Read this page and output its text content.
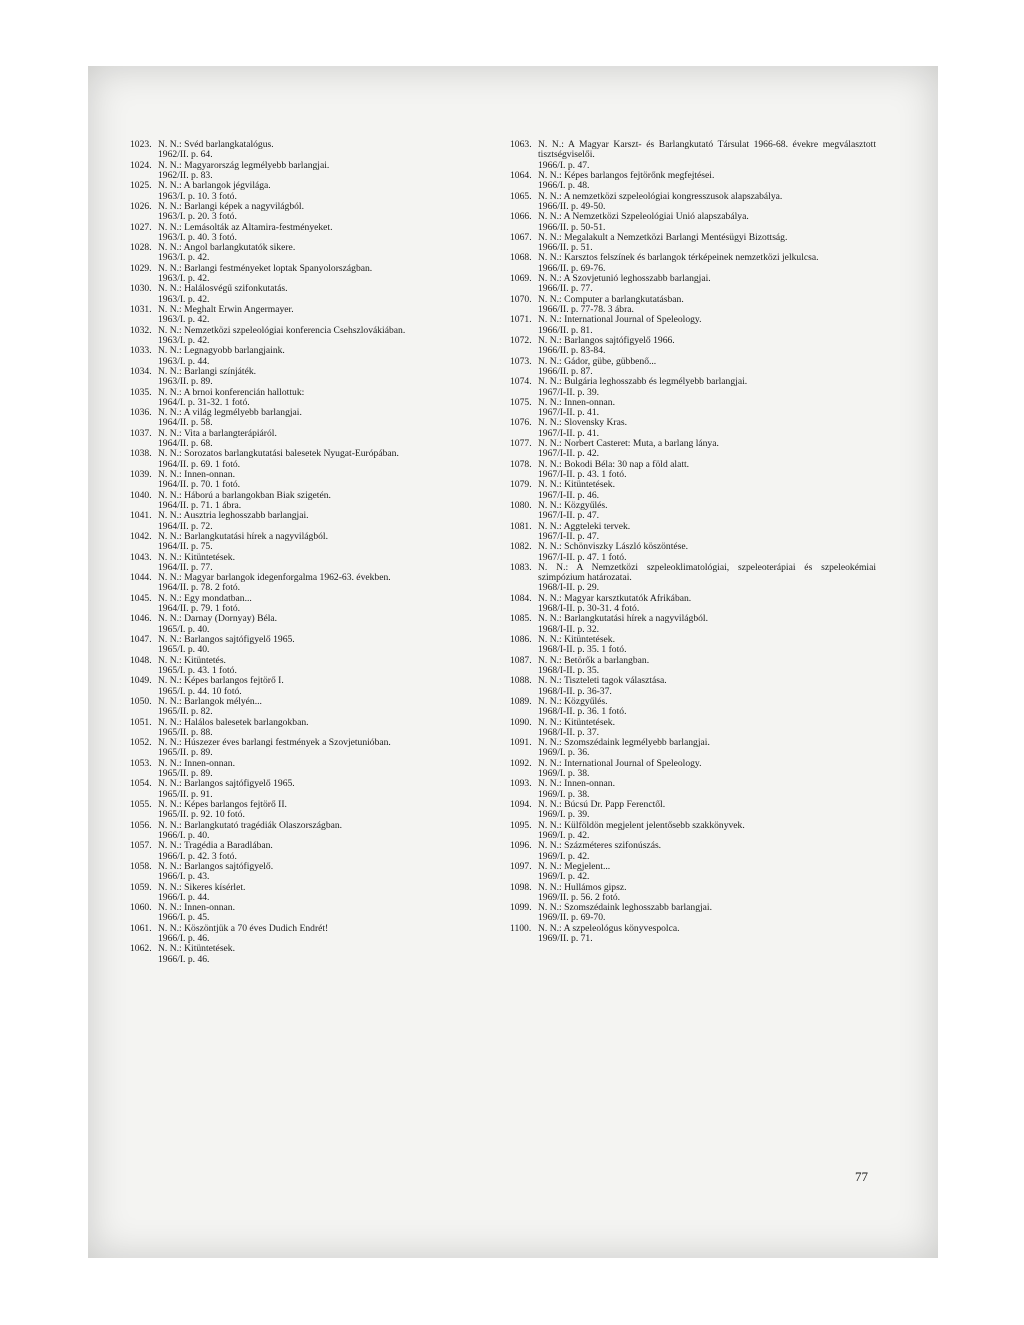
1023. N. N.: Svéd barlangkatalógus.
1962/II. p. 64.
1024. N. N.: Magyarország legmélyebb barlangjai.
1962/II. p. 83.
1025. N. N.: A barlangok jégvilága.
1963/I. p. 10. 3 fotó.
1026. N. N.: Barlangi képek a nagyvilágból.
1963/I. p. 20. 3 fotó.
1027. N. N.: Lemásolták az Altamira-festményeket.
1963/I. p. 40. 3 fotó.
1028. N. N.: Angol barlangkutatók sikere.
1963/I. p. 42.
1029. N. N.: Barlangi festményeket loptak Spanyolországban.
1963/I. p. 42.
1030. N. N.: Halálosvégű szifonkutatás.
1963/I. p. 42.
1031. N. N.: Meghalt Erwin Angermayer.
1963/I. p. 42.
1032. N. N.: Nemzetközi szpeleológiai konferencia Csehszlovákiában.
1963/I. p. 42.
1033. N. N.: Legnagyobb barlangjaink.
1963/I. p. 44.
1034. N. N.: Barlangi színjáték.
1963/II. p. 89.
1035. N. N.: A brnoi konferencián hallottuk:
1964/I. p. 31-32. 1 fotó.
1036. N. N.: A világ legmélyebb barlangjai.
1964/II. p. 58.
1037. N. N.: Vita a barlangterápiáról.
1964/II. p. 68.
1038. N. N.: Sorozatos barlangkutatási balesetek Nyugat-Európában.
1964/II. p. 69. 1 fotó.
1039. N. N.: Innen-onnan.
1964/II. p. 70. 1 fotó.
1040. N. N.: Háború a barlangokban Biak szigetén.
1964/II. p. 71. 1 ábra.
1041. N. N.: Ausztria leghosszabb barlangjai.
1964/II. p. 72.
1042. N. N.: Barlangkutatási hírek a nagyvilágból.
1964/II. p. 75.
1043. N. N.: Kitüntetések.
1964/II. p. 77.
1044. N. N.: Magyar barlangok idegenforgalma 1962-63. években.
1964/II. p. 78. 2 fotó.
1045. N. N.: Egy mondatban...
1964/II. p. 79. 1 fotó.
1046. N. N.: Darnay (Dornyay) Béla.
1965/I. p. 40.
1047. N. N.: Barlangos sajtófigyelő 1965.
1965/I. p. 40.
1048. N. N.: Kitüntetés.
1965/I. p. 43. 1 fotó.
1049. N. N.: Képes barlangos fejtörő I.
1965/I. p. 44. 10 fotó.
1050. N. N.: Barlangok mélyén...
1965/II. p. 82.
1051. N. N.: Halálos balesetek barlangokban.
1965/II. p. 88.
1052. N. N.: Húszezer éves barlangi festmények a Szovjetunióban.
1965/II. p. 89.
1053. N. N.: Innen-onnan.
1965/II. p. 89.
1054. N. N.: Barlangos sajtófigyelő 1965.
1965/II. p. 91.
1055. N. N.: Képes barlangos fejtörő II.
1965/II. p. 92. 10 fotó.
1056. N. N.: Barlangkutató tragédiák Olaszországban.
1966/I. p. 40.
1057. N. N.: Tragédia a Baradlában.
1966/I. p. 42. 3 fotó.
1058. N. N.: Barlangos sajtófigyelő.
1966/I. p. 43.
1059. N. N.: Sikeres kísérlet.
1966/I. p. 44.
1060. N. N.: Innen-onnan.
1966/I. p. 45.
1061. N. N.: Köszöntjük a 70 éves Dudich Endrét!
1966/I. p. 46.
1062. N. N.: Kitüntetések.
1966/I. p. 46.
1063. N. N.: A Magyar Karszt- és Barlangkutató Társulat 1966-68. évekre megválasztott tisztségviselői.
1966/I. p. 47.
1064. N. N.: Képes barlangos fejtörőnk megfejtései.
1966/I. p. 48.
1065. N. N.: A nemzetközi szpeleológiai kongresszusok alapszabálya.
1966/II. p. 49-50.
1066. N. N.: A Nemzetközi Szpeleológiai Unió alapszabálya.
1966/II. p. 50-51.
1067. N. N.: Megalakult a Nemzetközi Barlangi Mentésügyi Bizottság.
1966/II. p. 51.
1068. N. N.: Karsztos felszínek és barlangok térképeinek nemzetközi jelkulcsa.
1966/II. p. 69-76.
1069. N. N.: A Szovjetunió leghosszabb barlangjai.
1966/II. p. 77.
1070. N. N.: Computer a barlangkutatásban.
1966/II. p. 77-78. 3 ábra.
1071. N. N.: International Journal of Speleology.
1966/II. p. 81.
1072. N. N.: Barlangos sajtófigyelő 1966.
1966/II. p. 83-84.
1073. N. N.: Gádor, gübe, gübbenő...
1966/II. p. 87.
1074. N. N.: Bulgária leghosszabb és legmélyebb barlangjai.
1967/I-II. p. 39.
1075. N. N.: Innen-onnan.
1967/I-II. p. 41.
1076. N. N.: Slovensky Kras.
1967/I-II. p. 41.
1077. N. N.: Norbert Casteret: Muta, a barlang lánya.
1967/I-II. p. 42.
1078. N. N.: Bokodi Béla: 30 nap a föld alatt.
1967/I-II. p. 43. 1 fotó.
1079. N. N.: Kitüntetések.
1967/I-II. p. 46.
1080. N. N.: Közgyűlés.
1967/I-II. p. 47.
1081. N. N.: Aggteleki tervek.
1967/I-II. p. 47.
1082. N. N.: Schönviszky László köszöntése.
1967/I-II. p. 47. 1 fotó.
1083. N. N.: A Nemzetközi szpeleoklimatológiai, szpeleoterápiai és szpeleokémiai szimpózium határozatai.
1968/I-II. p. 29.
1084. N. N.: Magyar karsztkutatók Afrikában.
1968/I-II. p. 30-31. 4 fotó.
1085. N. N.: Barlangkutatási hírek a nagyvilágból.
1968/I-II. p. 32.
1086. N. N.: Kitüntetések.
1968/I-II. p. 35. 1 fotó.
1087. N. N.: Betörők a barlangban.
1968/I-II. p. 35.
1088. N. N.: Tiszteleti tagok választása.
1968/I-II. p. 36-37.
1089. N. N.: Közgyűlés.
1968/I-II. p. 36. 1 fotó.
1090. N. N.: Kitüntetések.
1968/I-II. p. 37.
1091. N. N.: Szomszédaink legmélyebb barlangjai.
1969/I. p. 36.
1092. N. N.: International Journal of Speleology.
1969/I. p. 38.
1093. N. N.: Innen-onnan.
1969/I. p. 38.
1094. N. N.: Búcsú Dr. Papp Ferenctől.
1969/I. p. 39.
1095. N. N.: Külföldön megjelent jelentősebb szakkönyvek.
1969/I. p. 42.
1096. N. N.: Százméteres szifonúszás.
1969/I. p. 42.
1097. N. N.: Megjelent...
1969/I. p. 42.
1098. N. N.: Hullámos gipsz.
1969/II. p. 56. 2 fotó.
1099. N. N.: Szomszédaink leghosszabb barlangjai.
1969/II. p. 69-70.
1100. N. N.: A szpeleológus könyvespolca.
1969/II. p. 71.
77
